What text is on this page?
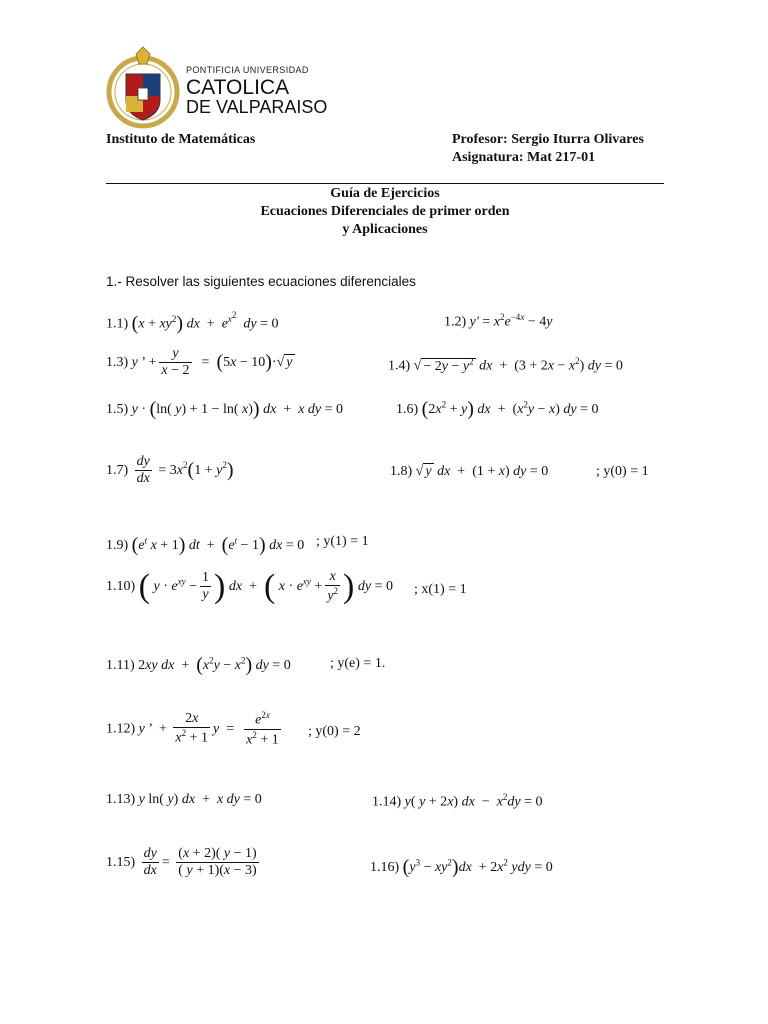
PONTIFICIA UNIVERSIDAD
CATOLICA
DE VALPARAISO
Instituto de Matemáticas	Profesor: Sergio Iturra Olivares
Asignatura: Mat 217-01
Guía de Ejercicios
Ecuaciones Diferenciales de primer orden
y Aplicaciones
1.- Resolver las siguientes ecuaciones diferenciales
1.1) $(x + xy^2)$ dx  +  $e^{x^2}$  dy = 0	1.2) $y' = x^2e^{-4x} - 4y$
1.3) y ’ + $\frac{y}{x - 2} = (5x - 10)\cdot√$ y	1.4) √ − $2y - y^2$ dx  +  $(3 + 2x - x^2)$ dy = 0
1.5) y · (ln( y) + 1 − ln( x)) dx  +  x dy = 0	1.6) $(2x^2 + y)$ dx  +  $(x^2y - x)$ dy = 0
$1.7) \frac{dy}{dx} = 3x^2(1 + y^2)$	1.8) √ y dx  +  (1 + x) dy = 0	; y(0) = 1
1.9) ($e^t$ x + 1) dt  +  $(e^t - 1)$ dx = 0 ; y(1) = 1
1.10) ( $y \cdot e^{xy} - \frac{1}{y}$ ) dx  +  ( $x \cdot e^{xy} + \frac{x}{y^2}$ ) dy = 0 ; x(1) = 1
1.11) 2xy dx  +  $(x^2y - x^2)$ dy = 0	; y(e) = 1.
1.12) y ’  + $\frac{2x}{x^2 + 1}$ $y = \frac{e^{2x}}{x^2 + 1}$ ; y(0) = 2
1.13) y ln( y) dx  +  x dy = 0	1.14) y( y + 2x) dx  −  $x^2dy = 0$
$1.15) \frac{dy}{dx} = \frac{(x + 2)( y - 1)}{( y + 1)(x - 3)}$	1.16) $(y^3 - xy^2)dx + 2x^2$ ydy = 0
